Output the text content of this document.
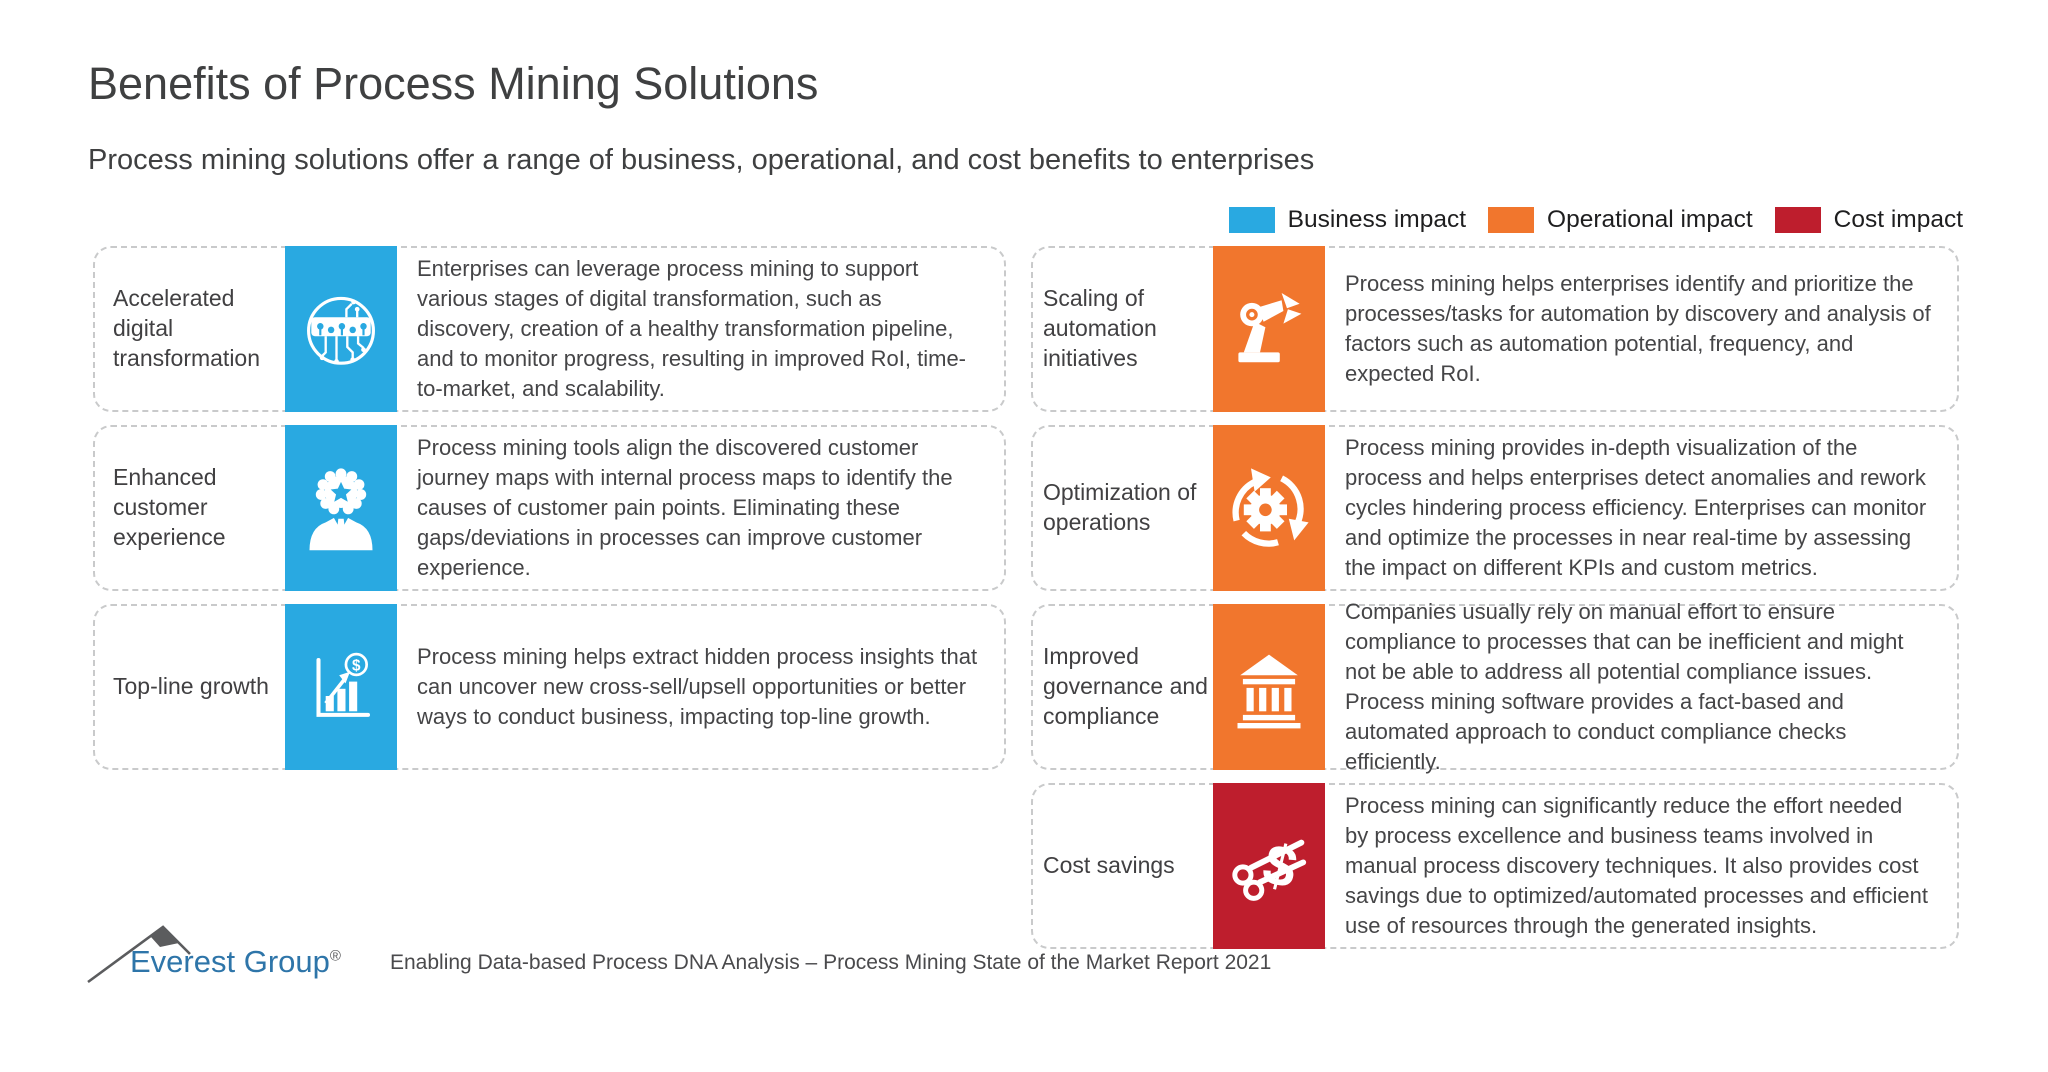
Benefits of Process Mining Solutions
Process mining solutions offer a range of business, operational, and cost benefits to enterprises
Business impact	Operational impact	Cost impact
Accelerated digital transformation
Enterprises can leverage process mining to support various stages of digital transformation, such as discovery, creation of a healthy transformation pipeline, and to monitor progress, resulting in improved RoI, time-to-market, and scalability.
Enhanced customer experience
Process mining tools align the discovered customer journey maps with internal process maps to identify the causes of customer pain points. Eliminating these gaps/deviations in processes can improve customer experience.
Top-line growth
$	Process mining helps extract hidden process insights that can uncover new cross-sell/upsell opportunities or better ways to conduct business, impacting top-line growth.
Scaling of automation initiatives
Process mining helps enterprises identify and prioritize the processes/tasks for automation by discovery and analysis of factors such as automation potential, frequency, and expected RoI.
Optimization of operations
Process mining provides in-depth visualization of the process and helps enterprises detect anomalies and rework cycles hindering process efficiency. Enterprises can monitor and optimize the processes in near real-time by assessing the impact on different KPIs and custom metrics.
Improved governance and compliance
Companies usually rely on manual effort to ensure compliance to processes that can be inefficient and might not be able to address all potential compliance issues. Process mining software provides a fact-based and automated approach to conduct compliance checks efficiently.
Cost savings	$
Process mining can significantly reduce the effort needed by process excellence and business teams involved in manual process discovery techniques. It also provides cost savings due to optimized/automated processes and efficient use of resources through the generated insights.
Everest Group® Enabling Data-based Process DNA Analysis – Process Mining State of the Market Report 2021
